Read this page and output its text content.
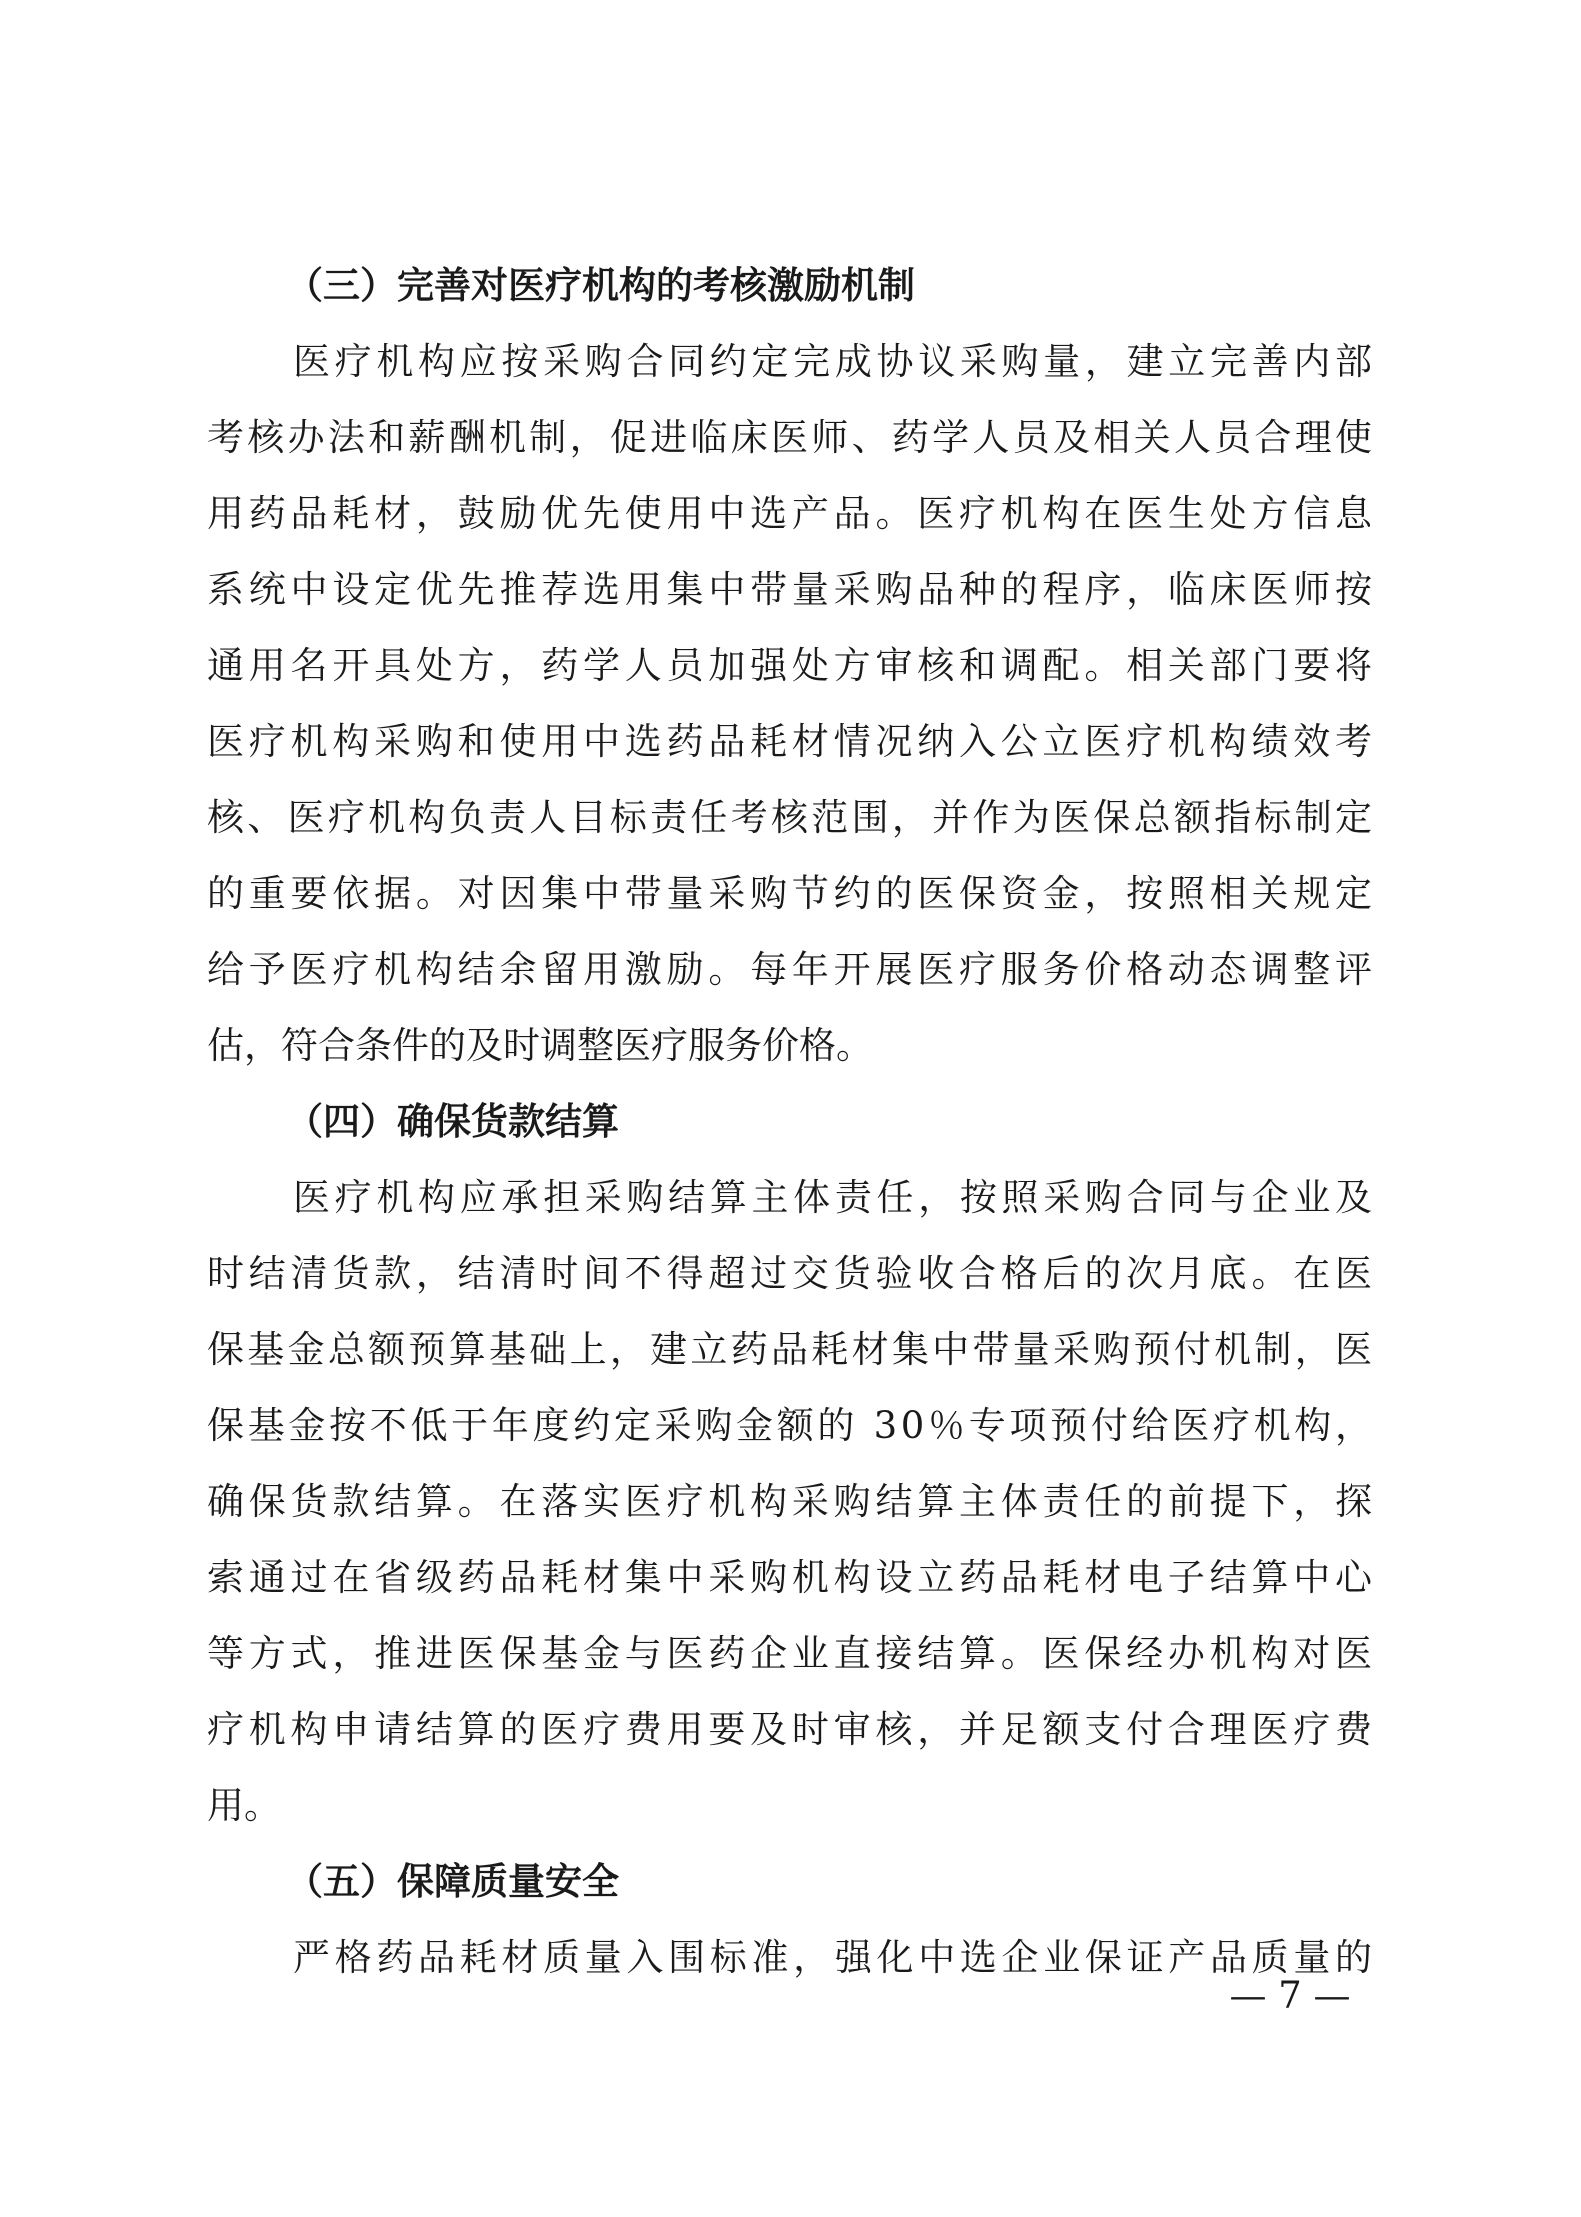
（三）完善对医疗机构的考核激励机制

医疗机构应按采购合同约定完成协议采购量，建立完善内部

考核办法和薪酬机制，促进临床医师、药学人员及相关人员合理使

用药品耗材，鼓励优先使用中选产品。医疗机构在医生处方信息

系统中设定优先推荐选用集中带量采购品种的程序，临床医师按

通用名开具处方，药学人员加强处方审核和调配。相关部门要将

医疗机构采购和使用中选药品耗材情况纳入公立医疗机构绩效考

核、医疗机构负责人目标责任考核范围，并作为医保总额指标制定

的重要依据。对因集中带量采购节约的医保资金，按照相关规定

给予医疗机构结余留用激励。每年开展医疗服务价格动态调整评

估，符合条件的及时调整医疗服务价格。

（四）确保货款结算

医疗机构应承担采购结算主体责任，按照采购合同与企业及

时结清货款，结清时间不得超过交货验收合格后的次月底。在医

保基金总额预算基础上，建立药品耗材集中带量采购预付机制，医

保基金按不低于年度约定采购金额的 30％专项预付给医疗机构，

确保货款结算。在落实医疗机构采购结算主体责任的前提下，探

索通过在省级药品耗材集中采购机构设立药品耗材电子结算中心

等方式，推进医保基金与医药企业直接结算。医保经办机构对医

疗机构申请结算的医疗费用要及时审核，并足额支付合理医疗费

用。

（五）保障质量安全

严格药品耗材质量入围标准，强化中选企业保证产品质量的

— 7 —
